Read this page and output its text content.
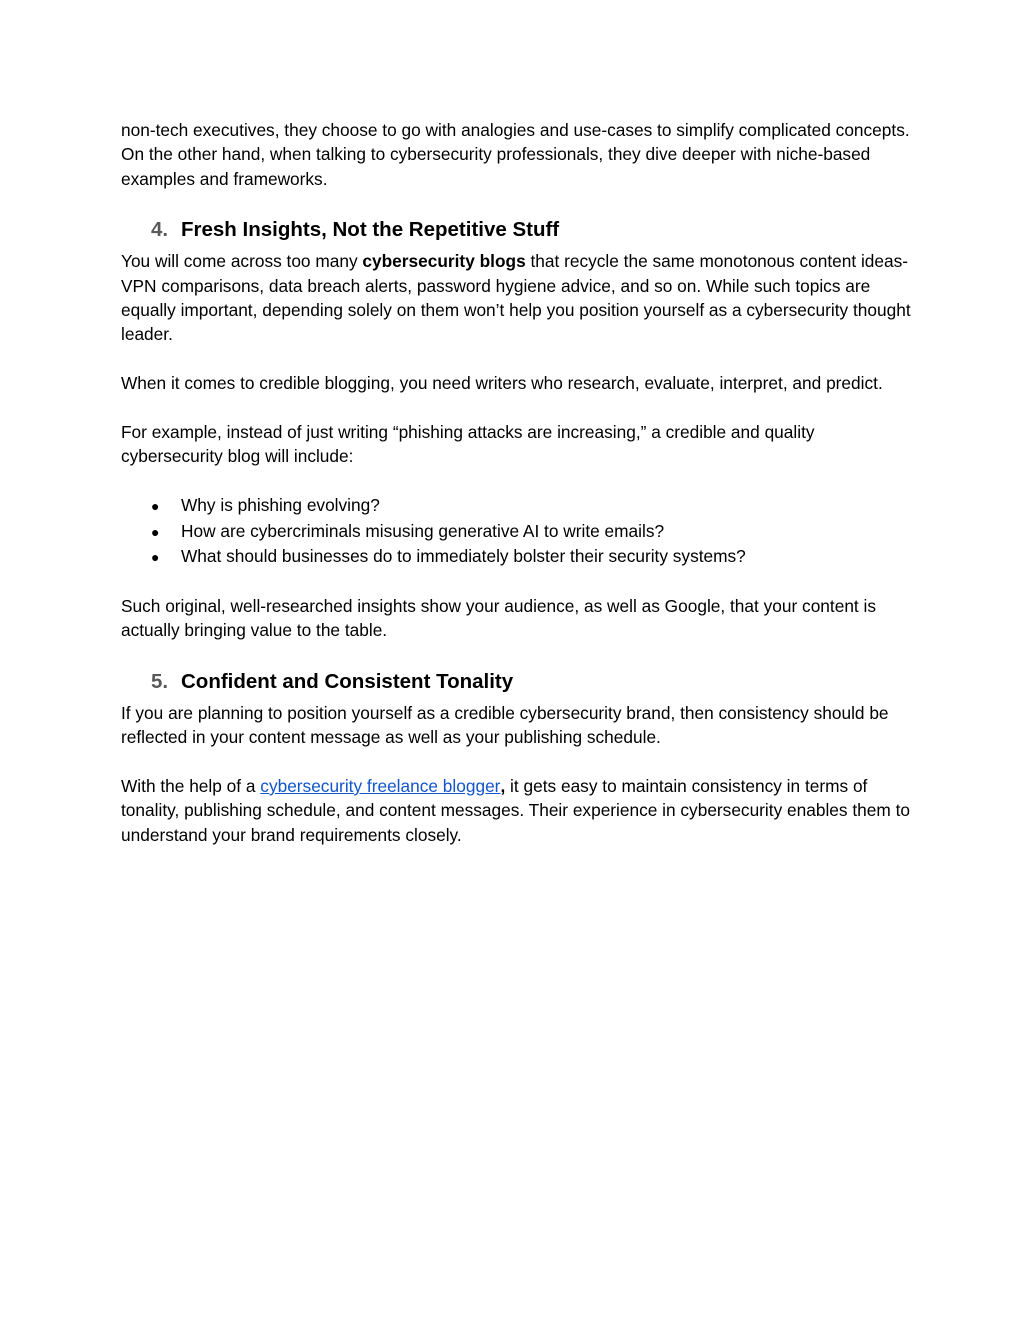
non-tech executives, they choose to go with analogies and use-cases to simplify complicated concepts. On the other hand, when talking to cybersecurity professionals, they dive deeper with niche-based examples and frameworks.

4. Fresh Insights, Not the Repetitive Stuff

You will come across too many cybersecurity blogs that recycle the same monotonous content ideas- VPN comparisons, data breach alerts, password hygiene advice, and so on. While such topics are equally important, depending solely on them won’t help you position yourself as a cybersecurity thought leader.

When it comes to credible blogging, you need writers who research, evaluate, interpret, and predict.

For example, instead of just writing “phishing attacks are increasing,” a credible and quality cybersecurity blog will include:

●	Why is phishing evolving?
●	How are cybercriminals misusing generative AI to write emails?
●	What should businesses do to immediately bolster their security systems?

Such original, well-researched insights show your audience, as well as Google, that your content is actually bringing value to the table.

5. Confident and Consistent Tonality

If you are planning to position yourself as a credible cybersecurity brand, then consistency should be reflected in your content message as well as your publishing schedule.

With the help of a cybersecurity freelance blogger, it gets easy to maintain consistency in terms of tonality, publishing schedule, and content messages. Their experience in cybersecurity enables them to understand your brand requirements closely.
